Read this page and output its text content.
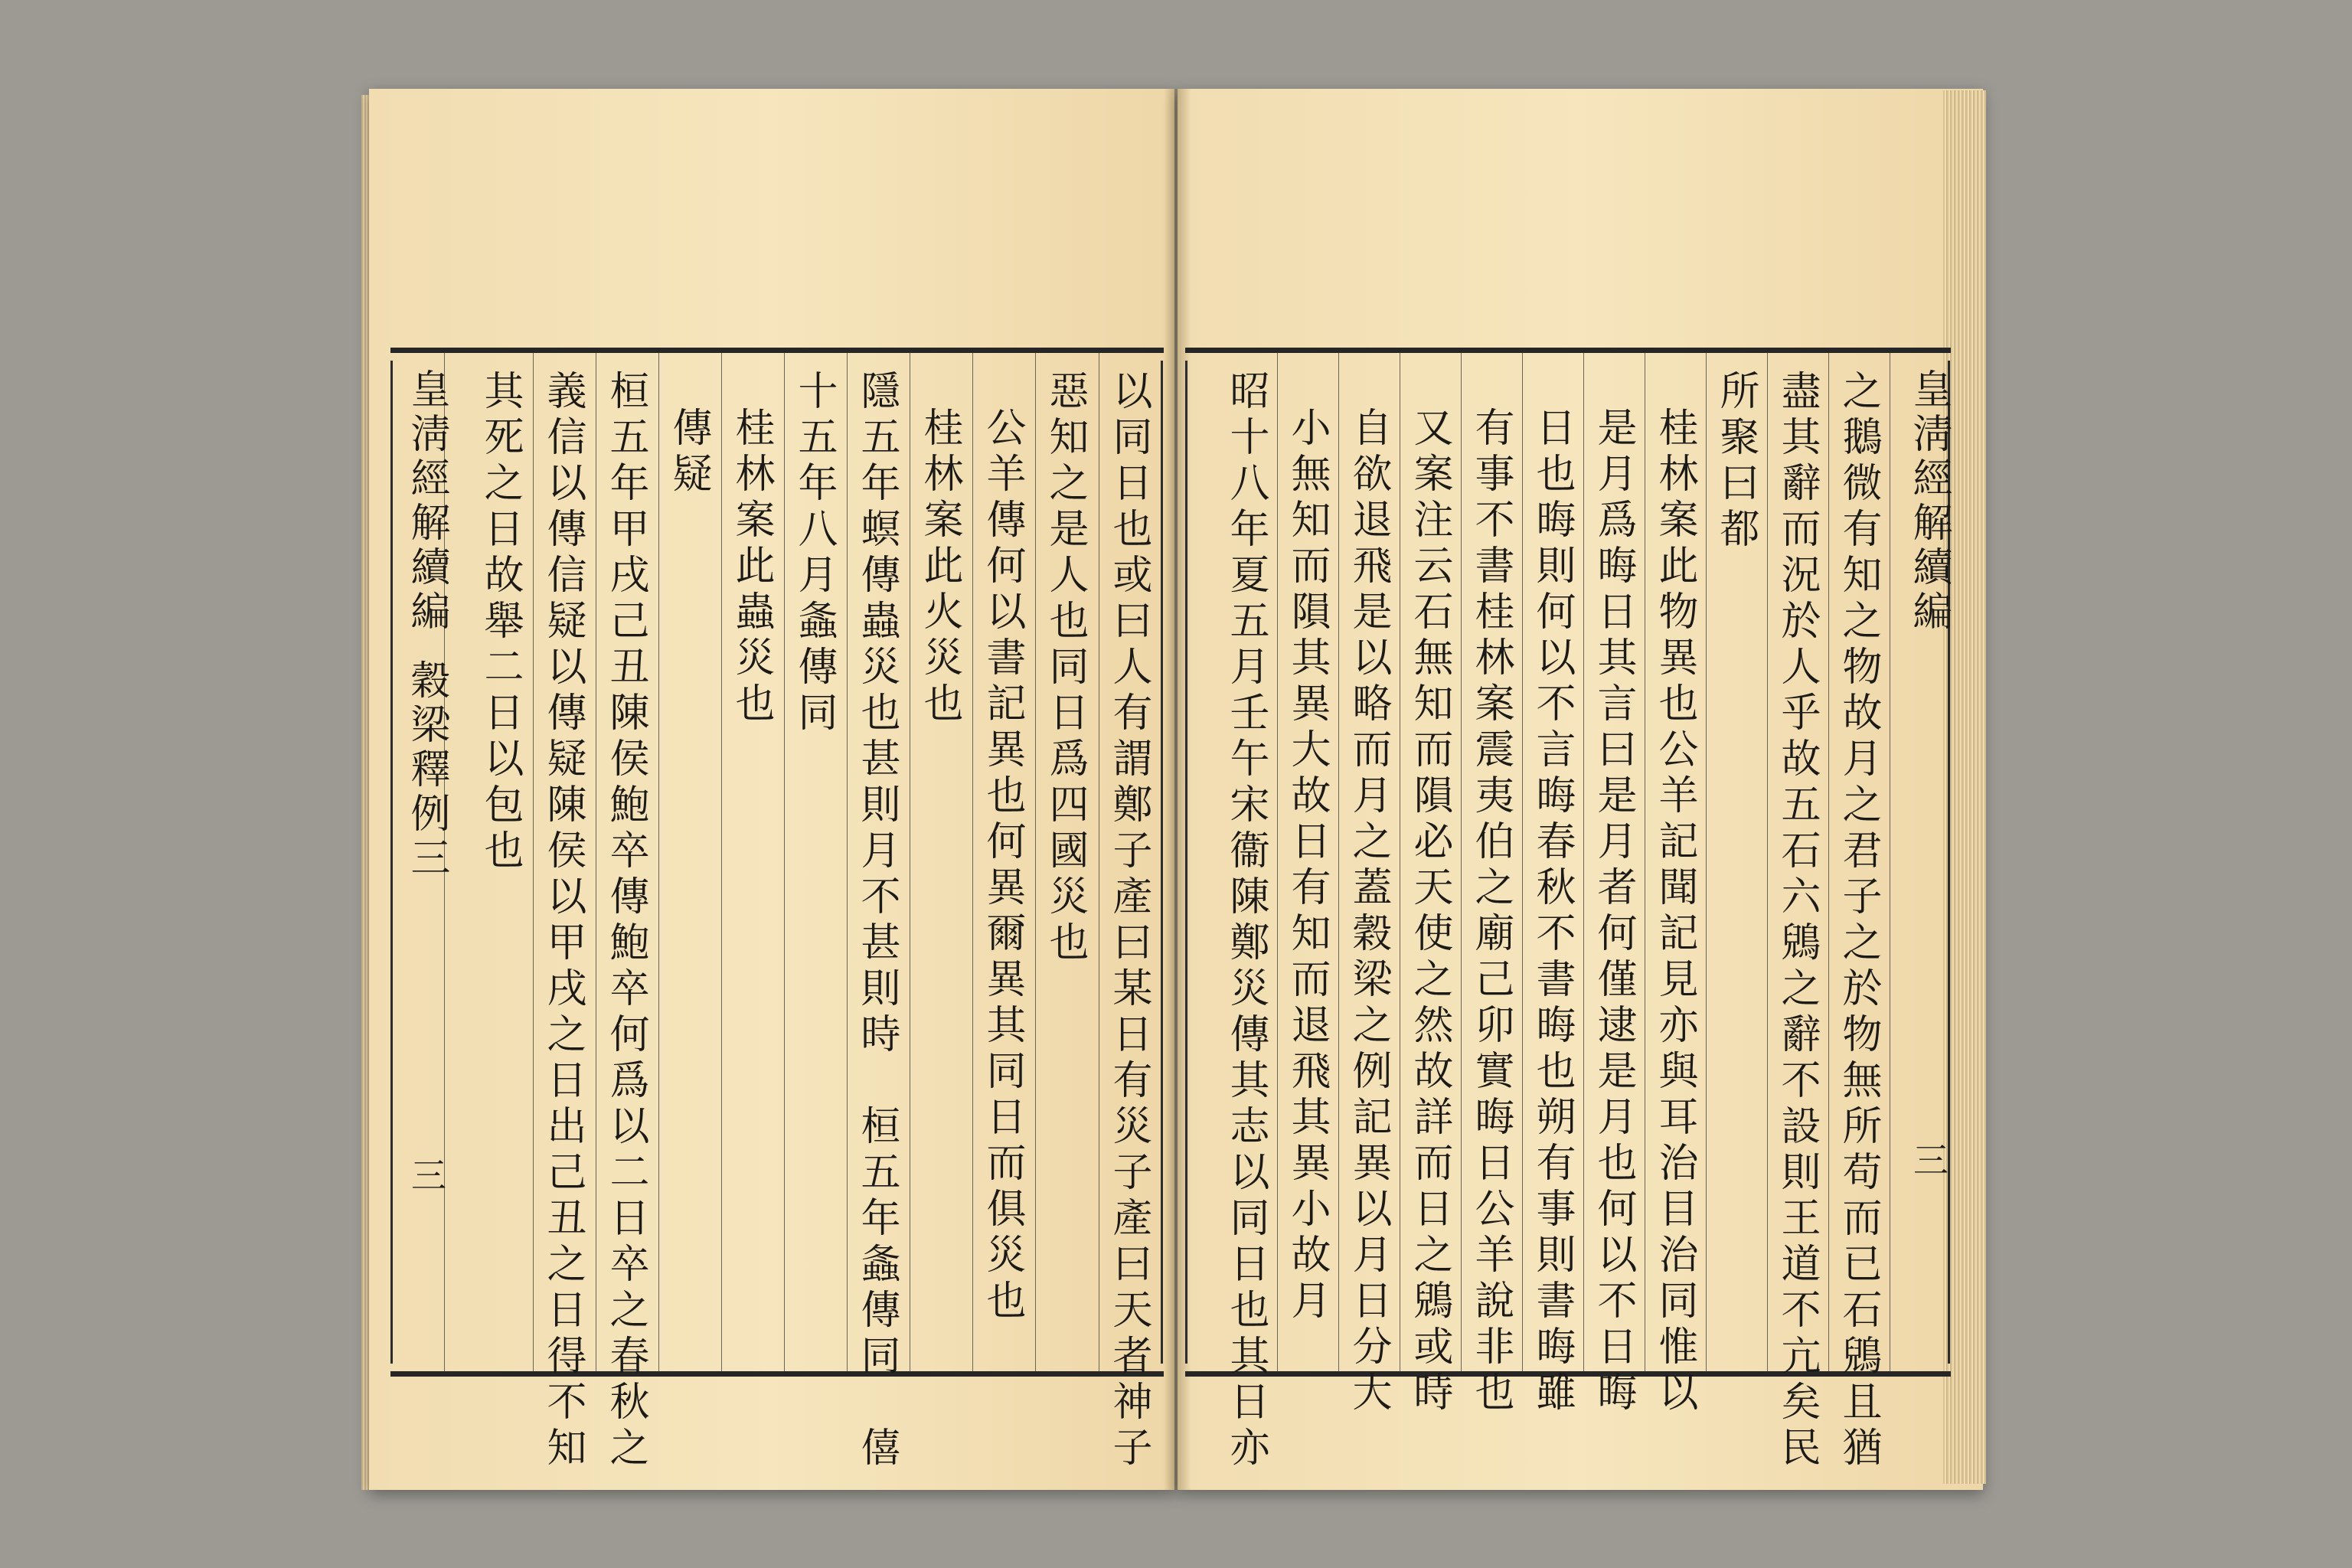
皇淸經解續編
穀梁釋例三
三	以同日也或曰人有謂鄭子產曰某日有災子產曰天者神子
惡知之是人也同日爲四國災也
公羊傳何以書記異也何異爾異其同日而俱災也
桂林案此火災也
隱五年螟傳蟲災也甚則月不甚則時　桓五年螽傳同　僖
十五年八月螽傳同
桂林案此蟲災也
傳疑
桓五年甲戌己丑陳侯鮑卒傳鮑卒何爲以二日卒之春秋之
義信以傳信疑以傳疑陳侯以甲戌之日出己丑之日得不知
其死之日故舉二日以包也	皇淸經解續編
三
之鵝微有知之物故月之君子之於物無所苟而已石鶂且猶
盡其辭而況於人乎故五石六鶂之辭不設則王道不亢矣民
所聚曰都
桂林案此物異也公羊記聞記見亦與耳治目治同惟以
是月爲晦日其言曰是月者何僅逮是月也何以不日晦
日也晦則何以不言晦春秋不書晦也朔有事則書晦雖
有事不書桂林案震夷伯之廟己卯實晦日公羊說非也
又案注云石無知而隕必天使之然故詳而日之鶂或時
自欲退飛是以略而月之蓋穀梁之例記異以月日分大
小無知而隕其異大故日有知而退飛其異小故月
昭十八年夏五月壬午宋衞陳鄭災傳其志以同日也其日亦
